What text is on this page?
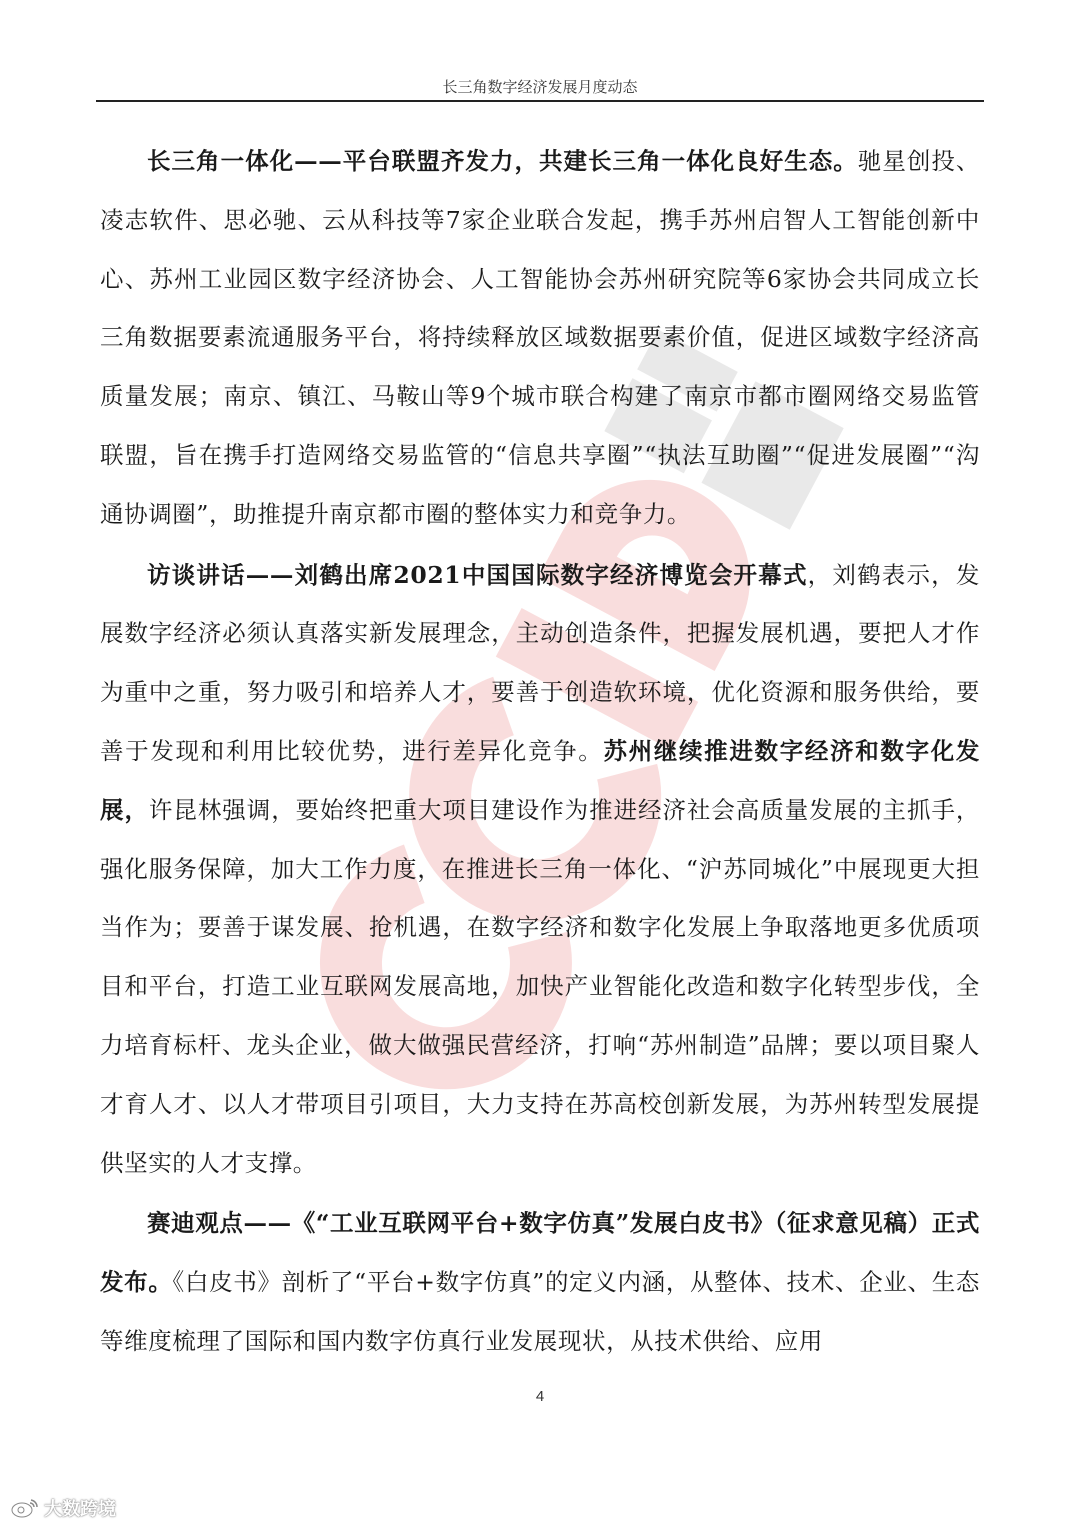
长三角数字经济发展月度动态

长三角一体化——平台联盟齐发力，共建长三角一体化良好生态。驰星创投、凌志软件、思必驰、云从科技等7家企业联合发起，携手苏州启智人工智能创新中心、苏州工业园区数字经济协会、人工智能协会苏州研究院等6家协会共同成立长三角数据要素流通服务平台，将持续释放区域数据要素价值，促进区域数字经济高质量发展；南京、镇江、马鞍山等9个城市联合构建了南京市都市圈网络交易监管联盟，旨在携手打造网络交易监管的“信息共享圈”“执法互助圈”“促进发展圈”“沟通协调圈”，助推提升南京都市圈的整体实力和竞争力。

访谈讲话——刘鹤出席2021中国国际数字经济博览会开幕式，刘鹤表示，发展数字经济必须认真落实新发展理念，主动创造条件，把握发展机遇，要把人才作为重中之重，努力吸引和培养人才，要善于创造软环境，优化资源和服务供给，要善于发现和利用比较优势，进行差异化竞争。苏州继续推进数字经济和数字化发展，许昆林强调，要始终把重大项目建设作为推进经济社会高质量发展的主抓手，强化服务保障，加大工作力度，在推进长三角一体化、“沪苏同城化”中展现更大担当作为；要善于谋发展、抢机遇，在数字经济和数字化发展上争取落地更多优质项目和平台，打造工业互联网发展高地，加快产业智能化改造和数字化转型步伐，全力培育标杆、龙头企业，做大做强民营经济，打响“苏州制造”品牌；要以项目聚人才育人才、以人才带项目引项目，大力支持在苏高校创新发展，为苏州转型发展提供坚实的人才支撑。

赛迪观点——《“工业互联网平台+数字仿真”发展白皮书》（征求意见稿）正式发布。《白皮书》剖析了“平台+数字仿真”的定义内涵，从整体、技术、企业、生态等维度梳理了国际和国内数字仿真行业发展现状，从技术供给、应用

4
大数跨境
